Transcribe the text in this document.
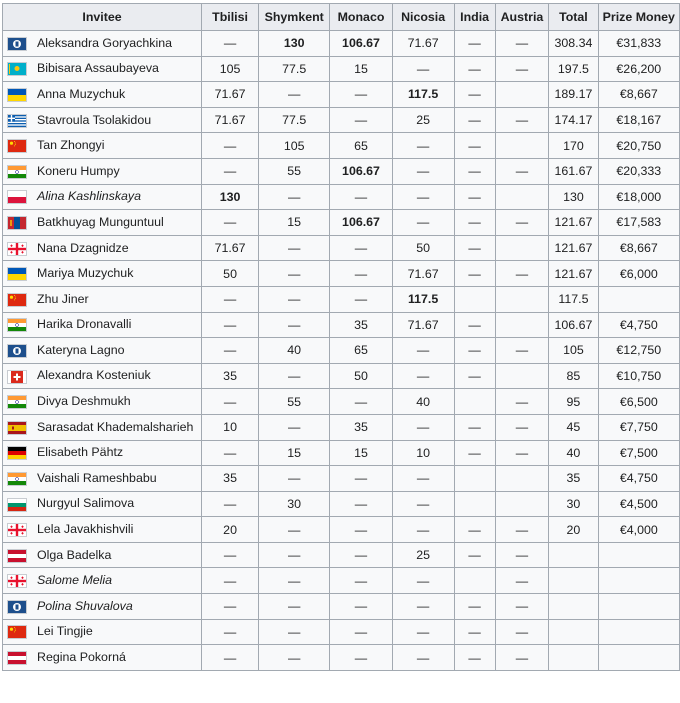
Invitee	Tbilisi	Shymkent	Monaco	Nicosia	India	Austria	Total	Prize Money
Aleksandra Goryachkina	—	130	106.67	71.67	—	—	308.34	€31,833
Bibisara Assaubayeva	105	77.5	15	—	—	—	197.5	€26,200
Anna Muzychuk	71.67	—	—	117.5	—		189.17	€8,667
Stavroula Tsolakidou	71.67	77.5	—	25	—	—	174.17	€18,167
Tan Zhongyi	—	105	65	—	—		170	€20,750
Koneru Humpy	—	55	106.67	—	—	—	161.67	€20,333
Alina Kashlinskaya	130	—	—	—	—		130	€18,000
Batkhuyag Munguntuul	—	15	106.67	—	—	—	121.67	€17,583
Nana Dzagnidze	71.67	—	—	50	—		121.67	€8,667
Mariya Muzychuk	50	—	—	71.67	—	—	121.67	€6,000
Zhu Jiner	—	—	—	117.5			117.5	
Harika Dronavalli	—	—	35	71.67	—		106.67	€4,750
Kateryna Lagno	—	40	65	—	—	—	105	€12,750
Alexandra Kosteniuk	35	—	50	—	—		85	€10,750
Divya Deshmukh	—	55	—	40		—	95	€6,500
Sarasadat Khademalsharieh	10	—	35	—	—	—	45	€7,750
Elisabeth Pähtz	—	15	15	10	—	—	40	€7,500
Vaishali Rameshbabu	35	—	—	—			35	€4,750
Nurgyul Salimova	—	30	—	—			30	€4,500
Lela Javakhishvili	20	—	—	—	—	—	20	€4,000
Olga Badelka	—	—	—	25	—	—		
Salome Melia	—	—	—	—		—		
Polina Shuvalova	—	—	—	—	—	—		
Lei Tingjie	—	—	—	—	—	—		
Regina Pokorná	—	—	—	—	—	—		
